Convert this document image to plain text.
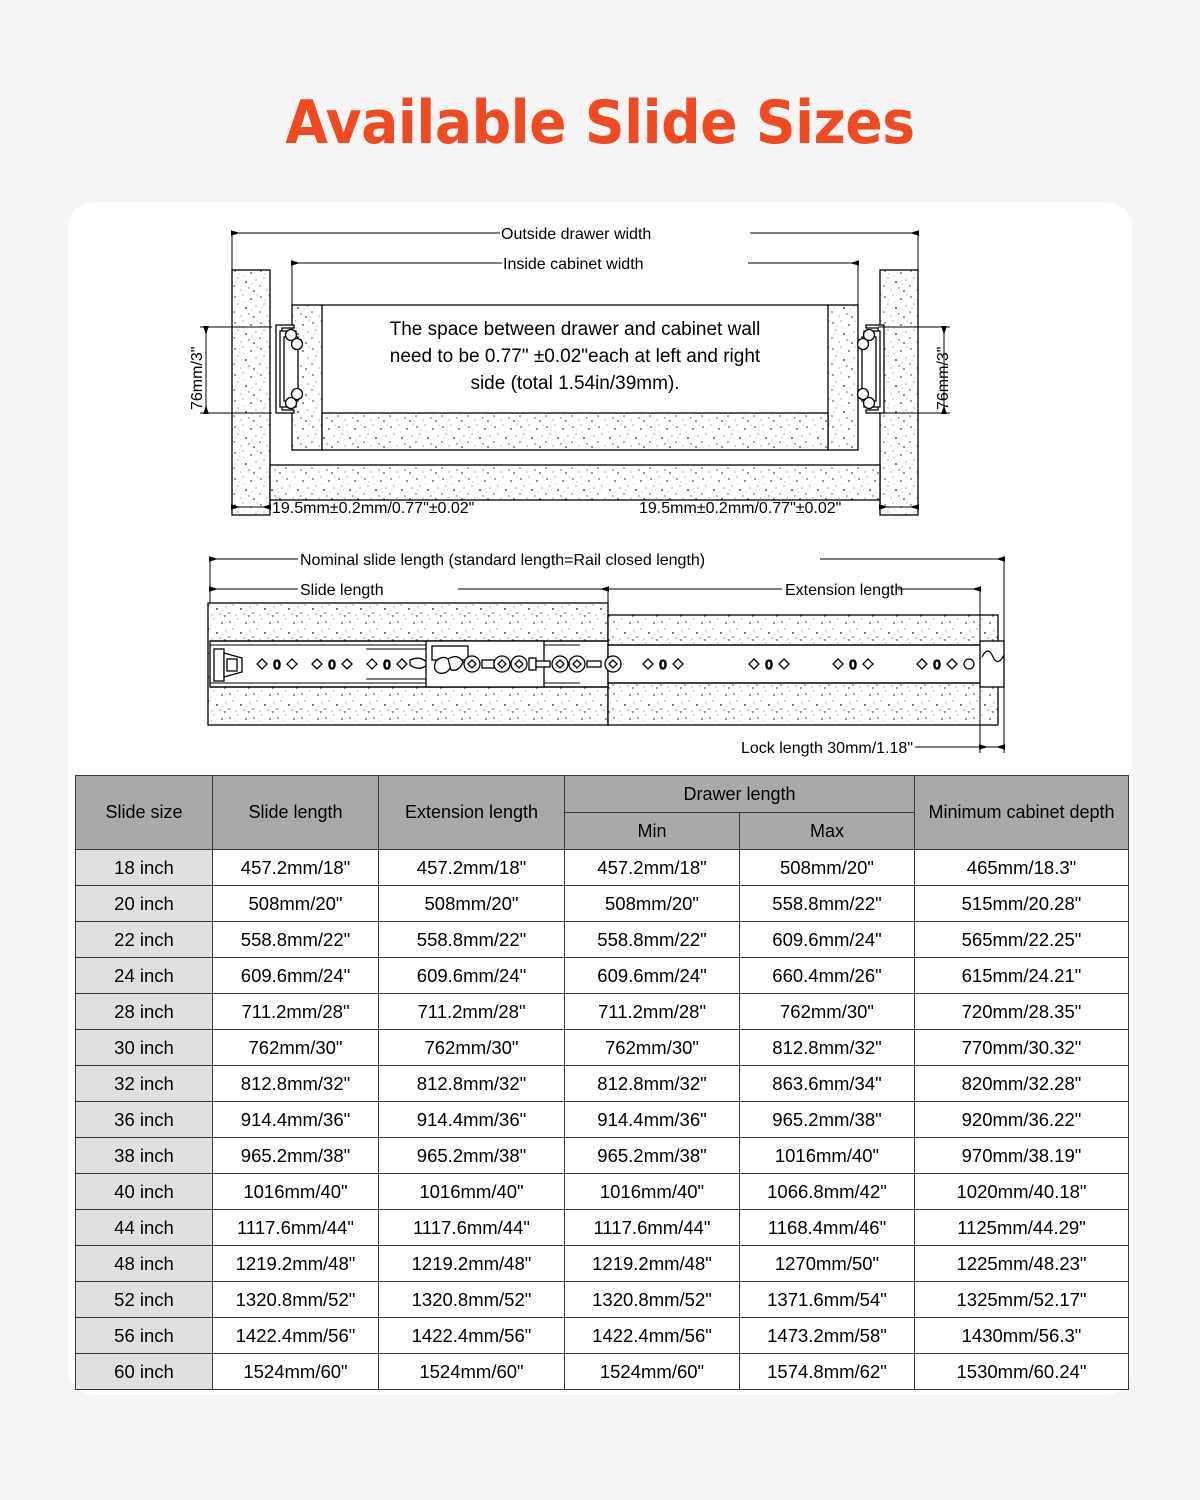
Available Slide Sizes
Outside drawer width
Inside cabinet width
76mm/3"	76mm/3"
19.5mm±0.2mm/0.77"±0.02"	19.5mm±0.2mm/0.77"±0.02"
The space between drawer and cabinet wall
need to be 0.77" ±0.02"each at left and right
side (total 1.54in/39mm).
0	0	0	0	0	0	0
Nominal slide length (standard length=Rail closed length)
Slide length	Extension length
Lock length 30mm/1.18"
Slide size	Slide length	Extension length	Drawer length		Minimum cabinet depth
			Min	Max	
18 inch	457.2mm/18"	457.2mm/18"	457.2mm/18"	508mm/20"	465mm/18.3"
20 inch	508mm/20"	508mm/20"	508mm/20"	558.8mm/22"	515mm/20.28"
22 inch	558.8mm/22"	558.8mm/22"	558.8mm/22"	609.6mm/24"	565mm/22.25"
24 inch	609.6mm/24"	609.6mm/24"	609.6mm/24"	660.4mm/26"	615mm/24.21"
28 inch	711.2mm/28"	711.2mm/28"	711.2mm/28"	762mm/30"	720mm/28.35"
30 inch	762mm/30"	762mm/30"	762mm/30"	812.8mm/32"	770mm/30.32"
32 inch	812.8mm/32"	812.8mm/32"	812.8mm/32"	863.6mm/34"	820mm/32.28"
36 inch	914.4mm/36"	914.4mm/36"	914.4mm/36"	965.2mm/38"	920mm/36.22"
38 inch	965.2mm/38"	965.2mm/38"	965.2mm/38"	1016mm/40"	970mm/38.19"
40 inch	1016mm/40"	1016mm/40"	1016mm/40"	1066.8mm/42"	1020mm/40.18"
44 inch	1117.6mm/44"	1117.6mm/44"	1117.6mm/44"	1168.4mm/46"	1125mm/44.29"
48 inch	1219.2mm/48"	1219.2mm/48"	1219.2mm/48"	1270mm/50"	1225mm/48.23"
52 inch	1320.8mm/52"	1320.8mm/52"	1320.8mm/52"	1371.6mm/54"	1325mm/52.17"
56 inch	1422.4mm/56"	1422.4mm/56"	1422.4mm/56"	1473.2mm/58"	1430mm/56.3"
60 inch	1524mm/60"	1524mm/60"	1524mm/60"	1574.8mm/62"	1530mm/60.24"
